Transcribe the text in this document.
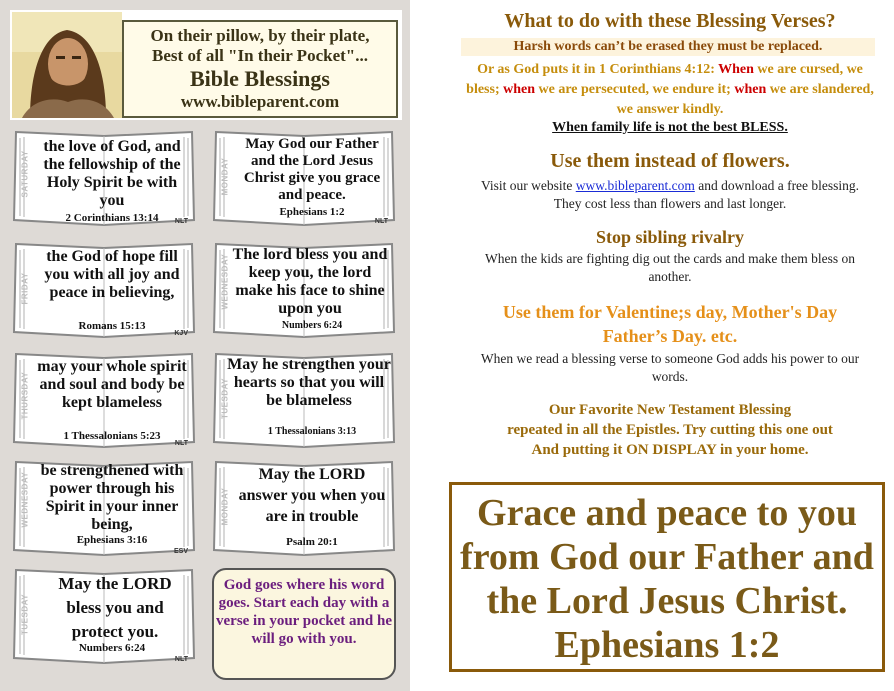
On their pillow, by their plate,
Best of all "In their Pocket"...
Bible Blessings
www.bibleparent.com
SATURDAY
the love of God, and the fellowship of the Holy Spirit be with you
2 Corinthians 13:14	NLT
MONDAY
May God our Father and the Lord Jesus Christ give you grace and peace.
Ephesians 1:2
NLT
FRIDAY
the God of hope fill you with all joy and peace in believing,
Romans 15:13
KJV
WEDNESDAY The lord bless you and keep you, the lord make his face to shine upon you
Numbers 6:24
THURSDAY
may your whole spirit and soul and body be kept blameless
1 Thessalonians 5:23
NLT
TUESDAY
May he strengthen your hearts so that you will be blameless
1 Thessalonians 3:13
WEDNESDAY
be strengthened with power through his Spirit in your inner being,
Ephesians 3:16
ESV
MONDAY
May the LORD answer you when you are in trouble
Psalm 20:1
TUESDAY
May the LORD bless you and protect you.
Numbers 6:24
NLT
God goes where his word goes. Start each day with a verse in your pocket and he will go with you.
What to do with these Blessing Verses?
Harsh words can’t be erased they must be replaced.
Or as God puts it in 1 Corinthians 4:12: When we are cursed, we bless; when we are persecuted, we endure it; when we are slandered, we answer kindly.
When family life is not the best BLESS.
Use them instead of flowers.
Visit our website www.bibleparent.com and download a free blessing. They cost less than flowers and last longer.
Stop sibling rivalry
When the kids are fighting dig out the cards and make them bless on another.
Use them for Valentine;s day, Mother's Day
Father’s Day. etc.
When we read a blessing verse to someone God adds his power to our words.
Our Favorite New Testament Blessing
repeated in all the Epistles. Try cutting this one out
And putting it ON DISPLAY in your home.
Grace and peace to you
from God our Father and
the Lord Jesus Christ.
Ephesians 1:2
